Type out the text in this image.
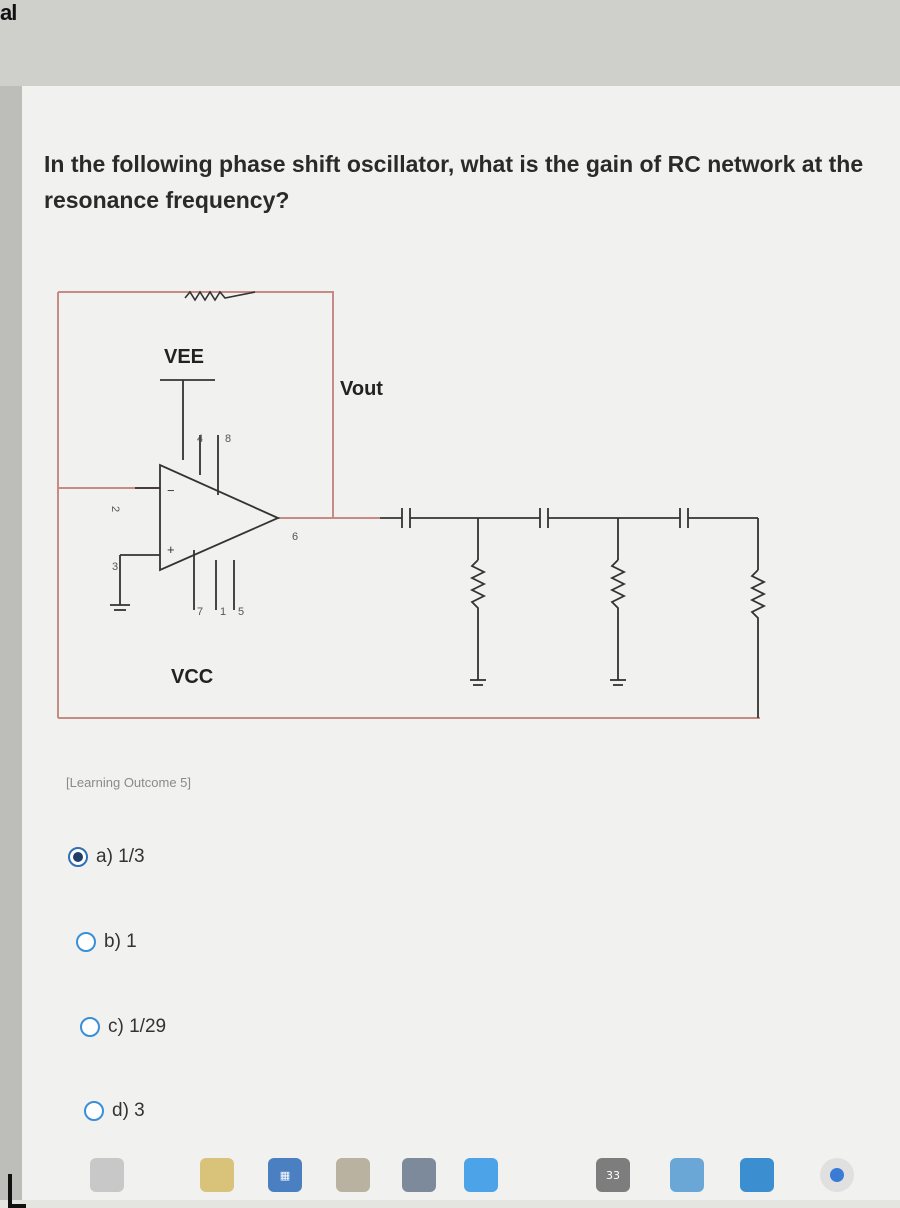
al
In the following phase shift oscillator, what is the gain of RC network at the resonance frequency?
VEE
VCC
Vout
4 8
2
3
6
7 1 5
−
+
[Learning Outcome 5]
a) 1/3
b) 1
c) 1/29
d) 3
▦	33
